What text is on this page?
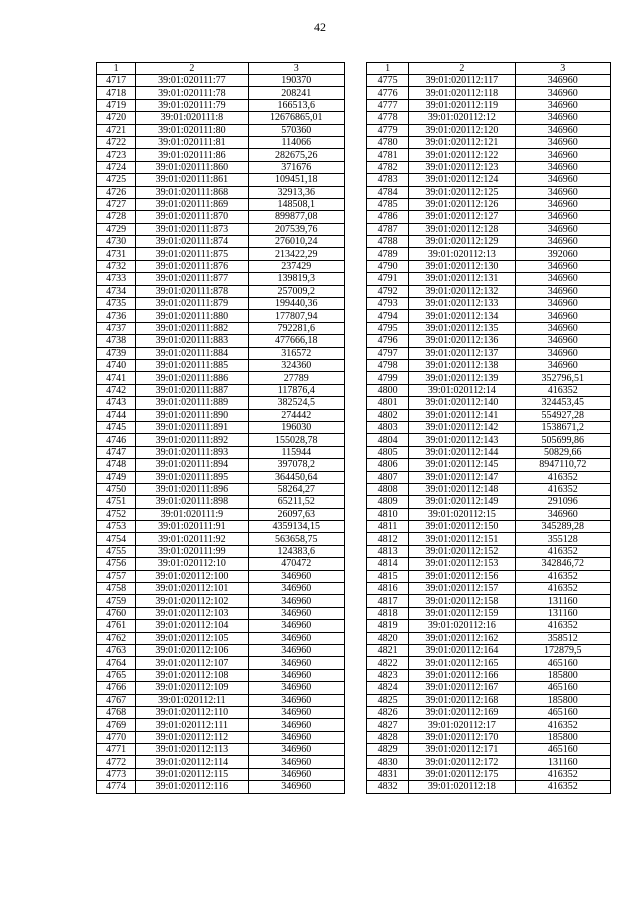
42
1	2	3
4717	39:01:020111:77	190370
4718	39:01:020111:78	208241
4719	39:01:020111:79	166513,6
4720	39:01:020111:8	12676865,01
4721	39:01:020111:80	570360
4722	39:01:020111:81	114066
4723	39:01:020111:86	282675,26
4724	39:01:020111:860	371676
4725	39:01:020111:861	109451,18
4726	39:01:020111:868	32913,36
4727	39:01:020111:869	148508,1
4728	39:01:020111:870	899877,08
4729	39:01:020111:873	207539,76
4730	39:01:020111:874	276010,24
4731	39:01:020111:875	213422,29
4732	39:01:020111:876	237429
4733	39:01:020111:877	139819,3
4734	39:01:020111:878	257009,2
4735	39:01:020111:879	199440,36
4736	39:01:020111:880	177807,94
4737	39:01:020111:882	792281,6
4738	39:01:020111:883	477666,18
4739	39:01:020111:884	316572
4740	39:01:020111:885	324360
4741	39:01:020111:886	27789
4742	39:01:020111:887	117876,4
4743	39:01:020111:889	382524,5
4744	39:01:020111:890	274442
4745	39:01:020111:891	196030
4746	39:01:020111:892	155028,78
4747	39:01:020111:893	115944
4748	39:01:020111:894	397078,2
4749	39:01:020111:895	364450,64
4750	39:01:020111:896	58264,27
4751	39:01:020111:898	65211,52
4752	39:01:020111:9	26097,63
4753	39:01:020111:91	4359134,15
4754	39:01:020111:92	563658,75
4755	39:01:020111:99	124383,6
4756	39:01:020112:10	470472
4757	39:01:020112:100	346960
4758	39:01:020112:101	346960
4759	39:01:020112:102	346960
4760	39:01:020112:103	346960
4761	39:01:020112:104	346960
4762	39:01:020112:105	346960
4763	39:01:020112:106	346960
4764	39:01:020112:107	346960
4765	39:01:020112:108	346960
4766	39:01:020112:109	346960
4767	39:01:020112:11	346960
4768	39:01:020112:110	346960
4769	39:01:020112:111	346960
4770	39:01:020112:112	346960
4771	39:01:020112:113	346960
4772	39:01:020112:114	346960
4773	39:01:020112:115	346960
4774	39:01:020112:116	346960
1	2	3
4775	39:01:020112:117	346960
4776	39:01:020112:118	346960
4777	39:01:020112:119	346960
4778	39:01:020112:12	346960
4779	39:01:020112:120	346960
4780	39:01:020112:121	346960
4781	39:01:020112:122	346960
4782	39:01:020112:123	346960
4783	39:01:020112:124	346960
4784	39:01:020112:125	346960
4785	39:01:020112:126	346960
4786	39:01:020112:127	346960
4787	39:01:020112:128	346960
4788	39:01:020112:129	346960
4789	39:01:020112:13	392060
4790	39:01:020112:130	346960
4791	39:01:020112:131	346960
4792	39:01:020112:132	346960
4793	39:01:020112:133	346960
4794	39:01:020112:134	346960
4795	39:01:020112:135	346960
4796	39:01:020112:136	346960
4797	39:01:020112:137	346960
4798	39:01:020112:138	346960
4799	39:01:020112:139	352796,51
4800	39:01:020112:14	416352
4801	39:01:020112:140	324453,45
4802	39:01:020112:141	554927,28
4803	39:01:020112:142	1538671,2
4804	39:01:020112:143	505699,86
4805	39:01:020112:144	50829,66
4806	39:01:020112:145	8947110,72
4807	39:01:020112:147	416352
4808	39:01:020112:148	416352
4809	39:01:020112:149	291096
4810	39:01:020112:15	346960
4811	39:01:020112:150	345289,28
4812	39:01:020112:151	355128
4813	39:01:020112:152	416352
4814	39:01:020112:153	342846,72
4815	39:01:020112:156	416352
4816	39:01:020112:157	416352
4817	39:01:020112:158	131160
4818	39:01:020112:159	131160
4819	39:01:020112:16	416352
4820	39:01:020112:162	358512
4821	39:01:020112:164	172879,5
4822	39:01:020112:165	465160
4823	39:01:020112:166	185800
4824	39:01:020112:167	465160
4825	39:01:020112:168	185800
4826	39:01:020112:169	465160
4827	39:01:020112:17	416352
4828	39:01:020112:170	185800
4829	39:01:020112:171	465160
4830	39:01:020112:172	131160
4831	39:01:020112:175	416352
4832	39:01:020112:18	416352
